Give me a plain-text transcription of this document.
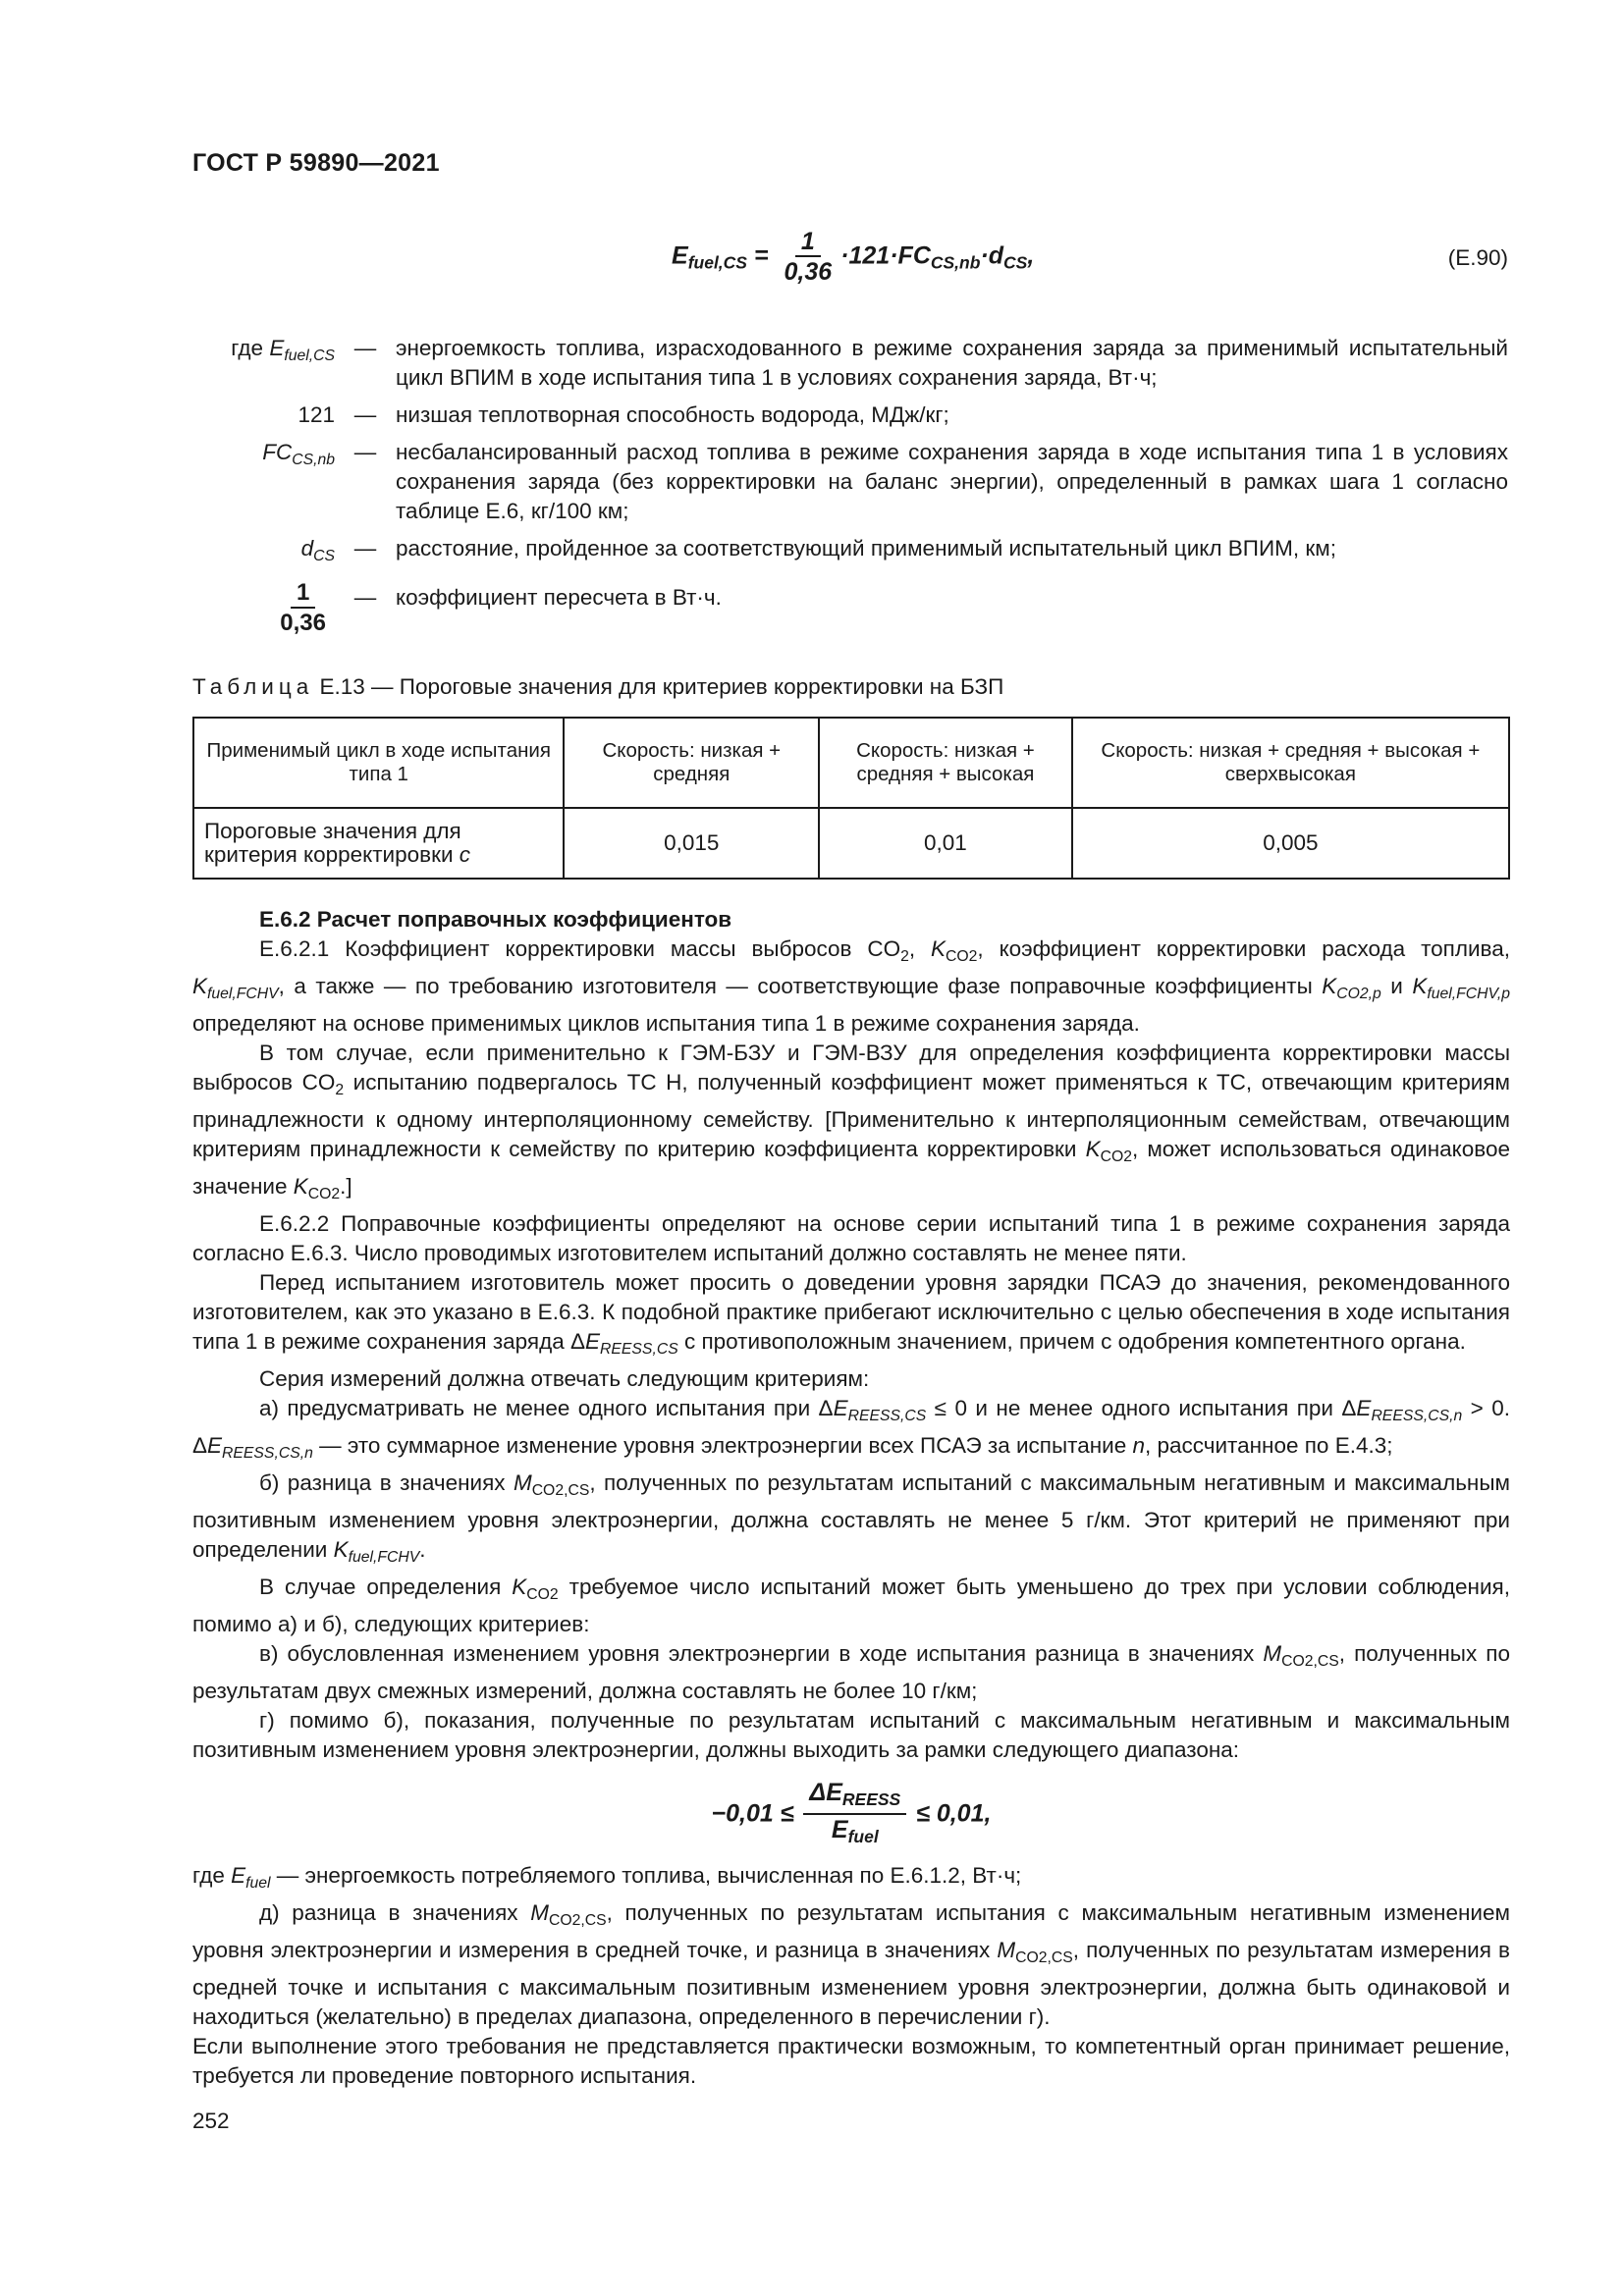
ГОСТ Р 59890—2021
$E_{fuel,CS} = \frac{1}{0,36} \cdot 121\cdot FC_{CS,nb}\cdot d_{CS}$,	(Е.90)
где $E_{fuel,CS}$ — энергоемкость топлива, израсходованного в режиме сохранения заряда за применимый испытательный цикл ВПИМ в ходе испытания типа 1 в условиях сохранения заряда, Вт·ч;
121 — низшая теплотворная способность водорода, МДж/кг;
$FC_{CS,nb}$ — несбалансированный расход топлива в режиме сохранения заряда в ходе испытания типа 1 в условиях сохранения заряда (без корректировки на баланс энергии), определенный в рамках шага 1 согласно таблице Е.6, кг/100 км;
$d_{CS}$ — расстояние, пройденное за соответствующий применимый испытательный цикл ВПИМ, км;
$\frac{1}{0,36}$	— коэффициент пересчета в Вт·ч.
Таблица Е.13 — Пороговые значения для критериев корректировки на БЗП
Применимый цикл в ходе испытания типа 1	Скорость: низкая + средняя	Скорость: низкая + средняя + высокая	Скорость: низкая + средняя + высокая + сверхвысокая
Пороговые значения для критерия корректировки c	0,015	0,01	0,005
Е.6.2 Расчет поправочных коэффициентов

Е.6.2.1 Коэффициент корректировки массы выбросов $CO_2$, $K_{CO2}$, коэффициент корректировки расхода топлива, $K_{fuel,FCHV}$, а также — по требованию изготовителя — соответствующие фазе поправочные коэффициенты $K_{CO2,p}$ и $K_{fuel,FCHV,p}$ определяют на основе применимых циклов испытания типа 1 в режиме сохранения заряда.

В том случае, если применительно к ГЭМ-БЗУ и ГЭМ-ВЗУ для определения коэффициента корректировки массы выбросов $CO_2$ испытанию подвергалось ТС H, полученный коэффициент может применяться к ТС, отвечающим критериям принадлежности к одному интерполяционному семейству. [Применительно к интерполяционным семействам, отвечающим критериям принадлежности к семейству по критерию коэффициента корректировки $K_{CO2}$, может использоваться одинаковое значение $K_{CO2}$.]

Е.6.2.2 Поправочные коэффициенты определяют на основе серии испытаний типа 1 в режиме сохранения заряда согласно Е.6.3. Число проводимых изготовителем испытаний должно составлять не менее пяти.

Перед испытанием изготовитель может просить о доведении уровня зарядки ПСАЭ до значения, рекомендованного изготовителем, как это указано в Е.6.3. К подобной практике прибегают исключительно с целью обеспечения в ходе испытания типа 1 в режиме сохранения заряда $\Delta E_{REESS,CS}$ с противоположным значением, причем с одобрения компетентного органа.

Серия измерений должна отвечать следующим критериям:

а) предусматривать не менее одного испытания при $\Delta E_{REESS,CS} \le 0$ и не менее одного испытания при $\Delta E_{REESS,CS,n} > 0$. $\Delta E_{REESS,CS,n}$ — это суммарное изменение уровня электроэнергии всех ПСАЭ за испытание n, рассчитанное по Е.4.3;

б) разница в значениях $M_{CO2,CS}$, полученных по результатам испытаний с максимальным негативным и максимальным позитивным изменением уровня электроэнергии, должна составлять не менее 5 г/км. Этот критерий не применяют при определении $K_{fuel,FCHV}$.

В случае определения $K_{CO2}$ требуемое число испытаний может быть уменьшено до трех при условии соблюдения, помимо а) и б), следующих критериев:

в) обусловленная изменением уровня электроэнергии в ходе испытания разница в значениях $M_{CO2,CS}$, полученных по результатам двух смежных измерений, должна составлять не более 10 г/км;

г) помимо б), показания, полученные по результатам испытаний с максимальным негативным и максимальным позитивным изменением уровня электроэнергии, должны выходить за рамки следующего диапазона:

$-0,01 \le \frac{\Delta E_{REESS}}{E_{fuel}} \le 0,01$,

где $E_{fuel}$ — энергоемкость потребляемого топлива, вычисленная по Е.6.1.2, Вт·ч;

д) разница в значениях $M_{CO2,CS}$, полученных по результатам испытания с максимальным негативным изменением уровня электроэнергии и измерения в средней точке, и разница в значениях $M_{CO2,CS}$, полученных по результатам измерения в средней точке и испытания с максимальным позитивным изменением уровня электроэнергии, должна быть одинаковой и находиться (желательно) в пределах диапазона, определенного в перечислении г).

Если выполнение этого требования не представляется практически возможным, то компетентный орган принимает решение, требуется ли проведение повторного испытания.

252
